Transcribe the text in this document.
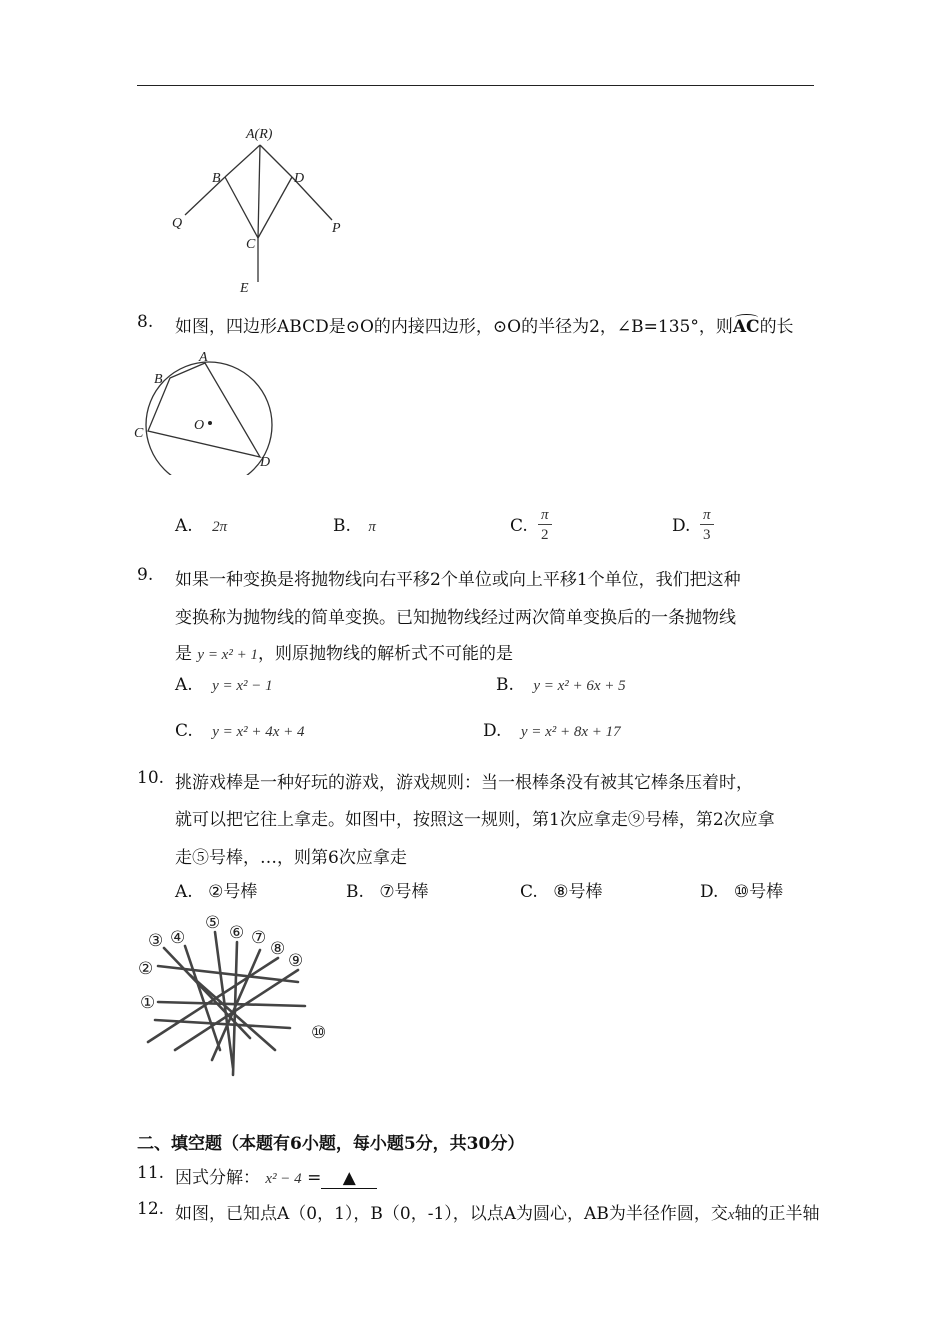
A(R)
B	D
Q	P
C
E
8. 如图，四边形ABCD是⊙O的内接四边形，⊙O的半径为2，∠B=135°，则AC的长
A
B
C
D
O
A. 2π	B. π	C. $\frac{\pi}{2}$	D. $\frac{\pi}{3}$
9. 如果一种变换是将抛物线向右平移2个单位或向上平移1个单位，我们把这种
变换称为抛物线的简单变换。已知抛物线经过两次简单变换后的一条抛物线
是 y = x² + 1，则原抛物线的解析式不可能的是
A. y = x² − 1	B. y = x² + 6x + 5
C. y = x² + 4x + 4	D. y = x² + 8x + 17
10. 挑游戏棒是一种好玩的游戏，游戏规则：当一根棒条没有被其它棒条压着时，
就可以把它往上拿走。如图中，按照这一规则，第1次应拿走⑨号棒，第2次应拿
走⑤号棒，…，则第6次应拿走
A. ②号棒	B. ⑦号棒	C. ⑧号棒	D. ⑩号棒
①
②
③ ④
⑤ ⑥ ⑦
⑧
⑨
⑩
二、填空题（本题有6小题，每小题5分，共30分）
11. 因式分解： x² − 4 = ▲
12. 如图，已知点A（0，1），B（0，-1），以点A为圆心，AB为半径作圆，交x轴的正半轴
